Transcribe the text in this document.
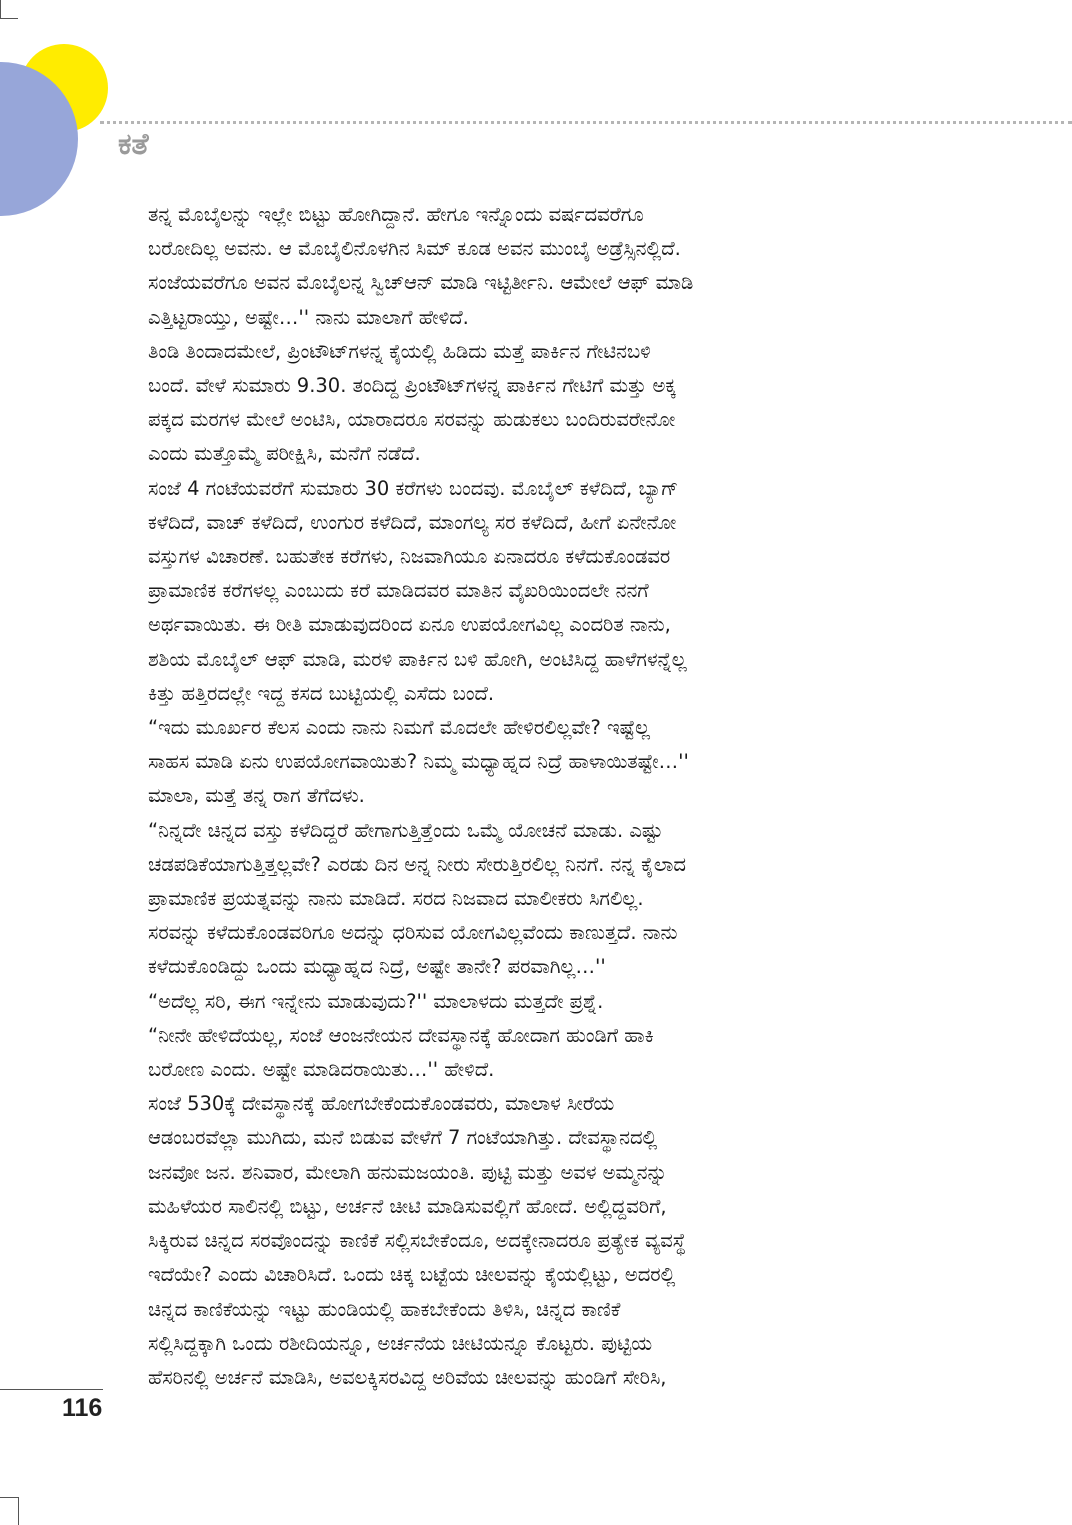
ಕತೆ
ತನ್ನ ಮೊಬೈಲನ್ನು ಇಲ್ಲೇ ಬಿಟ್ಟು ಹೋಗಿದ್ದಾನೆ. ಹೇಗೂ ಇನ್ನೊಂದು ವರ್ಷದವರೆಗೂ
ಬರೋದಿಲ್ಲ ಅವನು. ಆ ಮೊಬೈಲಿನೊಳಗಿನ ಸಿಮ್ ಕೂಡ ಅವನ ಮುಂಬೈ ಅಡ್ರೆಸ್ಸಿನಲ್ಲಿದೆ.
ಸಂಜೆಯವರೆಗೂ ಅವನ ಮೊಬೈಲನ್ನ ಸ್ವಿಚ್‌ಆನ್ ಮಾಡಿ ಇಟ್ಟಿರ್ತೀನಿ. ಆಮೇಲೆ ಆಫ್ ಮಾಡಿ
ಎತ್ತಿಟ್ಟರಾಯ್ತು, ಅಷ್ಟೇ…'' ನಾನು ಮಾಲಾಗೆ ಹೇಳಿದೆ.
ತಿಂಡಿ ತಿಂದಾದಮೇಲೆ, ಪ್ರಿಂಟೌಟ್‌ಗಳನ್ನ ಕೈಯಲ್ಲಿ ಹಿಡಿದು ಮತ್ತೆ ಪಾರ್ಕಿನ ಗೇಟಿನಬಳಿ
ಬಂದೆ. ವೇಳೆ ಸುಮಾರು 9.30. ತಂದಿದ್ದ ಪ್ರಿಂಟೌಟ್‌ಗಳನ್ನ ಪಾರ್ಕಿನ ಗೇಟಿಗೆ ಮತ್ತು ಅಕ್ಕ
ಪಕ್ಕದ ಮರಗಳ ಮೇಲೆ ಅಂಟಿಸಿ, ಯಾರಾದರೂ ಸರವನ್ನು ಹುಡುಕಲು ಬಂದಿರುವರೇನೋ
ಎಂದು ಮತ್ತೊಮ್ಮೆ ಪರೀಕ್ಷಿಸಿ, ಮನೆಗೆ ನಡೆದೆ.
ಸಂಜೆ 4 ಗಂಟೆಯವರೆಗೆ ಸುಮಾರು 30 ಕರೆಗಳು ಬಂದವು. ಮೊಬೈಲ್ ಕಳೆದಿದೆ, ಬ್ಯಾಗ್
ಕಳೆದಿದೆ, ವಾಚ್ ಕಳೆದಿದೆ, ಉಂಗುರ ಕಳೆದಿದೆ, ಮಾಂಗಲ್ಯ ಸರ ಕಳೆದಿದೆ, ಹೀಗೆ ಏನೇನೋ
ವಸ್ತುಗಳ ವಿಚಾರಣೆ. ಬಹುತೇಕ ಕರೆಗಳು, ನಿಜವಾಗಿಯೂ ಏನಾದರೂ ಕಳೆದುಕೊಂಡವರ
ಪ್ರಾಮಾಣಿಕ ಕರೆಗಳಲ್ಲ ಎಂಬುದು ಕರೆ ಮಾಡಿದವರ ಮಾತಿನ ವೈಖರಿಯಿಂದಲೇ ನನಗೆ
ಅರ್ಥವಾಯಿತು. ಈ ರೀತಿ ಮಾಡುವುದರಿಂದ ಏನೂ ಉಪಯೋಗವಿಲ್ಲ ಎಂದರಿತ ನಾನು,
ಶಶಿಯ ಮೊಬೈಲ್ ಆಫ್ ಮಾಡಿ, ಮರಳಿ ಪಾರ್ಕಿನ ಬಳಿ ಹೋಗಿ, ಅಂಟಿಸಿದ್ದ ಹಾಳೆಗಳನ್ನೆಲ್ಲ
ಕಿತ್ತು ಹತ್ತಿರದಲ್ಲೇ ಇದ್ದ ಕಸದ ಬುಟ್ಟಿಯಲ್ಲಿ ಎಸೆದು ಬಂದೆ.
“ಇದು ಮೂರ್ಖರ ಕೆಲಸ ಎಂದು ನಾನು ನಿಮಗೆ ಮೊದಲೇ ಹೇಳಿರಲಿಲ್ಲವೇ? ಇಷ್ಟೆಲ್ಲ
ಸಾಹಸ ಮಾಡಿ ಏನು ಉಪಯೋಗವಾಯಿತು? ನಿಮ್ಮ ಮಧ್ಯಾಹ್ನದ ನಿದ್ರೆ ಹಾಳಾಯಿತಷ್ಟೇ…''
ಮಾಲಾ, ಮತ್ತೆ ತನ್ನ ರಾಗ ತೆಗೆದಳು.
“ನಿನ್ನದೇ ಚಿನ್ನದ ವಸ್ತು ಕಳೆದಿದ್ದರೆ ಹೇಗಾಗುತ್ತಿತ್ತೆಂದು ಒಮ್ಮೆ ಯೋಚನೆ ಮಾಡು. ಎಷ್ಟು
ಚಡಪಡಿಕೆಯಾಗುತ್ತಿತ್ತಲ್ಲವೇ? ಎರಡು ದಿನ ಅನ್ನ ನೀರು ಸೇರುತ್ತಿರಲಿಲ್ಲ ನಿನಗೆ. ನನ್ನ ಕೈಲಾದ
ಪ್ರಾಮಾಣಿಕ ಪ್ರಯತ್ನವನ್ನು ನಾನು ಮಾಡಿದೆ. ಸರದ ನಿಜವಾದ ಮಾಲೀಕರು ಸಿಗಲಿಲ್ಲ.
ಸರವನ್ನು ಕಳೆದುಕೊಂಡವರಿಗೂ ಅದನ್ನು ಧರಿಸುವ ಯೋಗವಿಲ್ಲವೆಂದು ಕಾಣುತ್ತದೆ. ನಾನು
ಕಳೆದುಕೊಂಡಿದ್ದು ಒಂದು ಮಧ್ಯಾಹ್ನದ ನಿದ್ರೆ, ಅಷ್ಟೇ ತಾನೇ? ಪರವಾಗಿಲ್ಲ…''
“ಅದೆಲ್ಲ ಸರಿ, ಈಗ ಇನ್ನೇನು ಮಾಡುವುದು?'' ಮಾಲಾಳದು ಮತ್ತದೇ ಪ್ರಶ್ನೆ.
“ನೀನೇ ಹೇಳಿದೆಯಲ್ಲ, ಸಂಜೆ ಆಂಜನೇಯನ ದೇವಸ್ಥಾನಕ್ಕೆ ಹೋದಾಗ ಹುಂಡಿಗೆ ಹಾಕಿ
ಬರೋಣ ಎಂದು. ಅಷ್ಟೇ ಮಾಡಿದರಾಯಿತು…'' ಹೇಳಿದೆ.
ಸಂಜೆ 530ಕ್ಕೆ ದೇವಸ್ಥಾನಕ್ಕೆ ಹೋಗಬೇಕೆಂದುಕೊಂಡವರು, ಮಾಲಾಳ ಸೀರೆಯ
ಆಡಂಬರವೆಲ್ಲಾ ಮುಗಿದು, ಮನೆ ಬಿಡುವ ವೇಳೆಗೆ 7 ಗಂಟೆಯಾಗಿತ್ತು. ದೇವಸ್ಥಾನದಲ್ಲಿ
ಜನವೋ ಜನ. ಶನಿವಾರ, ಮೇಲಾಗಿ ಹನುಮಜಯಂತಿ. ಪುಟ್ಟಿ ಮತ್ತು ಅವಳ ಅಮ್ಮನನ್ನು
ಮಹಿಳೆಯರ ಸಾಲಿನಲ್ಲಿ ಬಿಟ್ಟು, ಅರ್ಚನೆ ಚೀಟಿ ಮಾಡಿಸುವಲ್ಲಿಗೆ ಹೋದೆ. ಅಲ್ಲಿದ್ದವರಿಗೆ,
ಸಿಕ್ಕಿರುವ ಚಿನ್ನದ ಸರವೊಂದನ್ನು ಕಾಣಿಕೆ ಸಲ್ಲಿಸಬೇಕೆಂದೂ, ಅದಕ್ಕೇನಾದರೂ ಪ್ರತ್ಯೇಕ ವ್ಯವಸ್ಥೆ
ಇದೆಯೇ? ಎಂದು ವಿಚಾರಿಸಿದೆ. ಒಂದು ಚಿಕ್ಕ ಬಟ್ಟೆಯ ಚೀಲವನ್ನು ಕೈಯಲ್ಲಿಟ್ಟು, ಅದರಲ್ಲಿ
ಚಿನ್ನದ ಕಾಣಿಕೆಯನ್ನು ಇಟ್ಟು ಹುಂಡಿಯಲ್ಲಿ ಹಾಕಬೇಕೆಂದು ತಿಳಿಸಿ, ಚಿನ್ನದ ಕಾಣಿಕೆ
ಸಲ್ಲಿಸಿದ್ದಕ್ಕಾಗಿ ಒಂದು ರಶೀದಿಯನ್ನೂ, ಅರ್ಚನೆಯ ಚೀಟಿಯನ್ನೂ ಕೊಟ್ಟರು. ಪುಟ್ಟಿಯ
ಹೆಸರಿನಲ್ಲಿ ಅರ್ಚನೆ ಮಾಡಿಸಿ, ಅವಲಕ್ಕಿಸರವಿದ್ದ ಅರಿವೆಯ ಚೀಲವನ್ನು ಹುಂಡಿಗೆ ಸೇರಿಸಿ,
116
